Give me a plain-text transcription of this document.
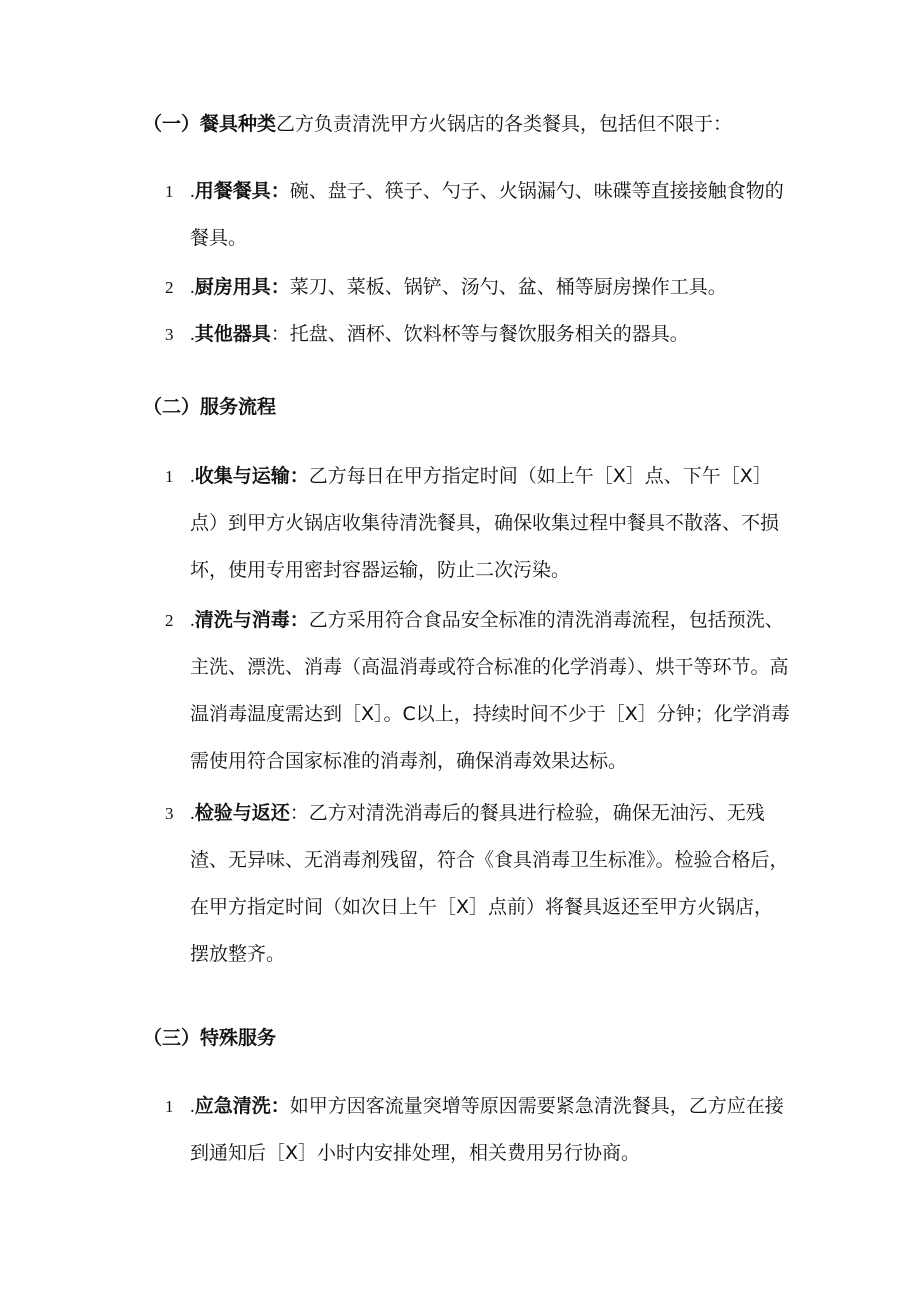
（一）餐具种类乙方负责清洗甲方火锅店的各类餐具，包括但不限于：
1 .用餐餐具：碗、盘子、筷子、勺子、火锅漏勺、味碟等直接接触食物的餐具。
2 .厨房用具：菜刀、菜板、锅铲、汤勺、盆、桶等厨房操作工具。
3 .其他器具：托盘、酒杯、饮料杯等与餐饮服务相关的器具。
（二）服务流程
1 .收集与运输：乙方每日在甲方指定时间（如上午［X］点、下午［X］点）到甲方火锅店收集待清洗餐具，确保收集过程中餐具不散落、不损坏，使用专用密封容器运输，防止二次污染。
2 .清洗与消毒：乙方采用符合食品安全标准的清洗消毒流程，包括预洗、主洗、漂洗、消毒（高温消毒或符合标准的化学消毒）、烘干等环节。高温消毒温度需达到［X］。C以上，持续时间不少于［X］分钟；化学消毒需使用符合国家标准的消毒剂，确保消毒效果达标。
3 .检验与返还：乙方对清洗消毒后的餐具进行检验，确保无油污、无残渣、无异味、无消毒剂残留，符合《食具消毒卫生标准》。检验合格后，在甲方指定时间（如次日上午［X］点前）将餐具返还至甲方火锅店，摆放整齐。
（三）特殊服务
1 .应急清洗：如甲方因客流量突增等原因需要紧急清洗餐具，乙方应在接到通知后［X］小时内安排处理，相关费用另行协商。
